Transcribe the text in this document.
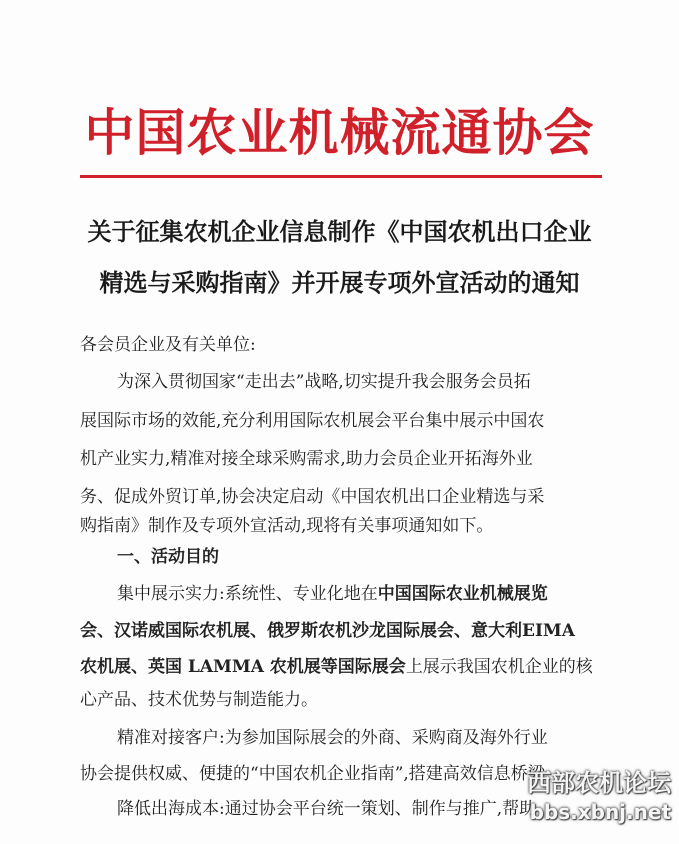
中国农业机械流通协会
关于征集农机企业信息制作《中国农机出口企业
精选与采购指南》并开展专项外宣活动的通知
各会员企业及有关单位:
为深入贯彻国家“走出去”战略,切实提升我会服务会员拓
展国际市场的效能,充分利用国际农机展会平台集中展示中国农
机产业实力,精准对接全球采购需求,助力会员企业开拓海外业
务、促成外贸订单,协会决定启动《中国农机出口企业精选与采
购指南》制作及专项外宣活动,现将有关事项通知如下。
一、活动目的
集中展示实力:系统性、专业化地在中国国际农业机械展览
会、汉诺威国际农机展、俄罗斯农机沙龙国际展会、意大利EIMA
农机展、英国 LAMMA 农机展等国际展会上展示我国农机企业的核
心产品、技术优势与制造能力。
精准对接客户:为参加国际展会的外商、采购商及海外行业
协会提供权威、便捷的“中国农机企业指南”,搭建高效信息桥梁
降低出海成本:通过协会平台统一策划、制作与推广,帮助
西部农机论坛
bbs.xbnj.net
